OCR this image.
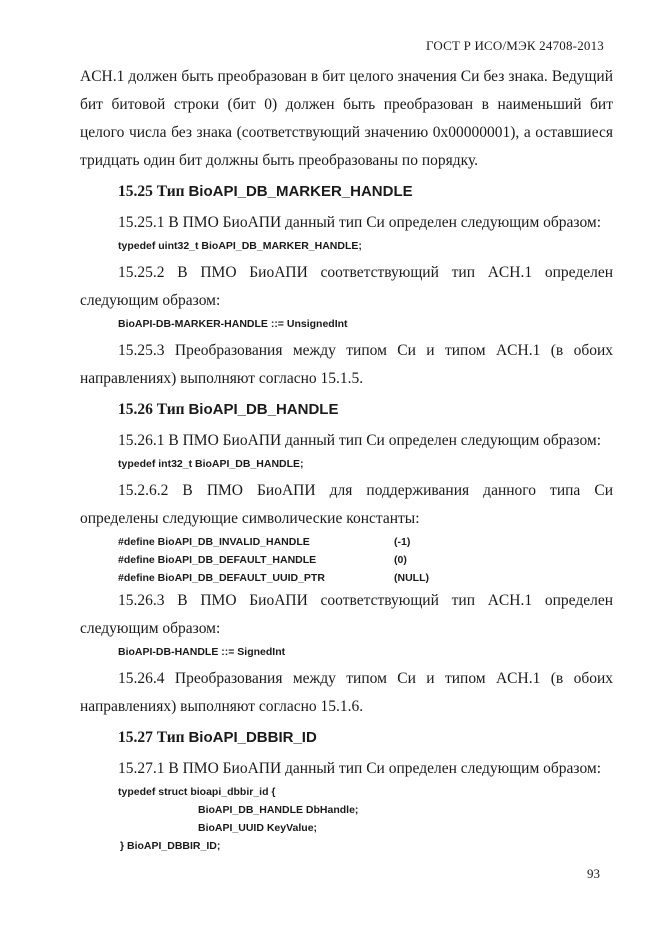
ГОСТ Р ИСО/МЭК 24708-2013

ACH.1 должен быть преобразован в бит целого значения Си без знака. Ведущий бит битовой строки (бит 0) должен быть преобразован в наименьший бит целого числа без знака (соответствующий значению 0x00000001), а оставшиеся тридцать один бит должны быть преобразованы по порядку.

15.25 Тип BioAPI_DB_MARKER_HANDLE

15.25.1 В ПМО БиоАПИ данный тип Си определен следующим образом:

typedef uint32_t BioAPI_DB_MARKER_HANDLE;

15.25.2 В ПМО БиоАПИ соответствующий тип ACH.1 определен следующим образом:

BioAPI-DB-MARKER-HANDLE ::= UnsignedInt

15.25.3 Преобразования между типом Си и типом ACH.1 (в обоих направлениях) выполняют согласно 15.1.5.

15.26 Тип BioAPI_DB_HANDLE

15.26.1 В ПМО БиоАПИ данный тип Си определен следующим образом:

typedef int32_t BioAPI_DB_HANDLE;

15.2.6.2 В ПМО БиоАПИ для поддерживания данного типа Си определены следующие символические константы:

#define BioAPI_DB_INVALID_HANDLE	(-1)
#define BioAPI_DB_DEFAULT_HANDLE	(0)
#define BioAPI_DB_DEFAULT_UUID_PTR	(NULL)

15.26.3 В ПМО БиоАПИ соответствующий тип ACH.1 определен следующим образом:

BioAPI-DB-HANDLE ::= SignedInt

15.26.4 Преобразования между типом Си и типом ACH.1 (в обоих направлениях) выполняют согласно 15.1.6.

15.27 Тип BioAPI_DBBIR_ID

15.27.1 В ПМО БиоАПИ данный тип Си определен следующим образом:

typedef struct bioapi_dbbir_id {
BioAPI_DB_HANDLE DbHandle;
BioAPI_UUID KeyValue;
} BioAPI_DBBIR_ID;
93
